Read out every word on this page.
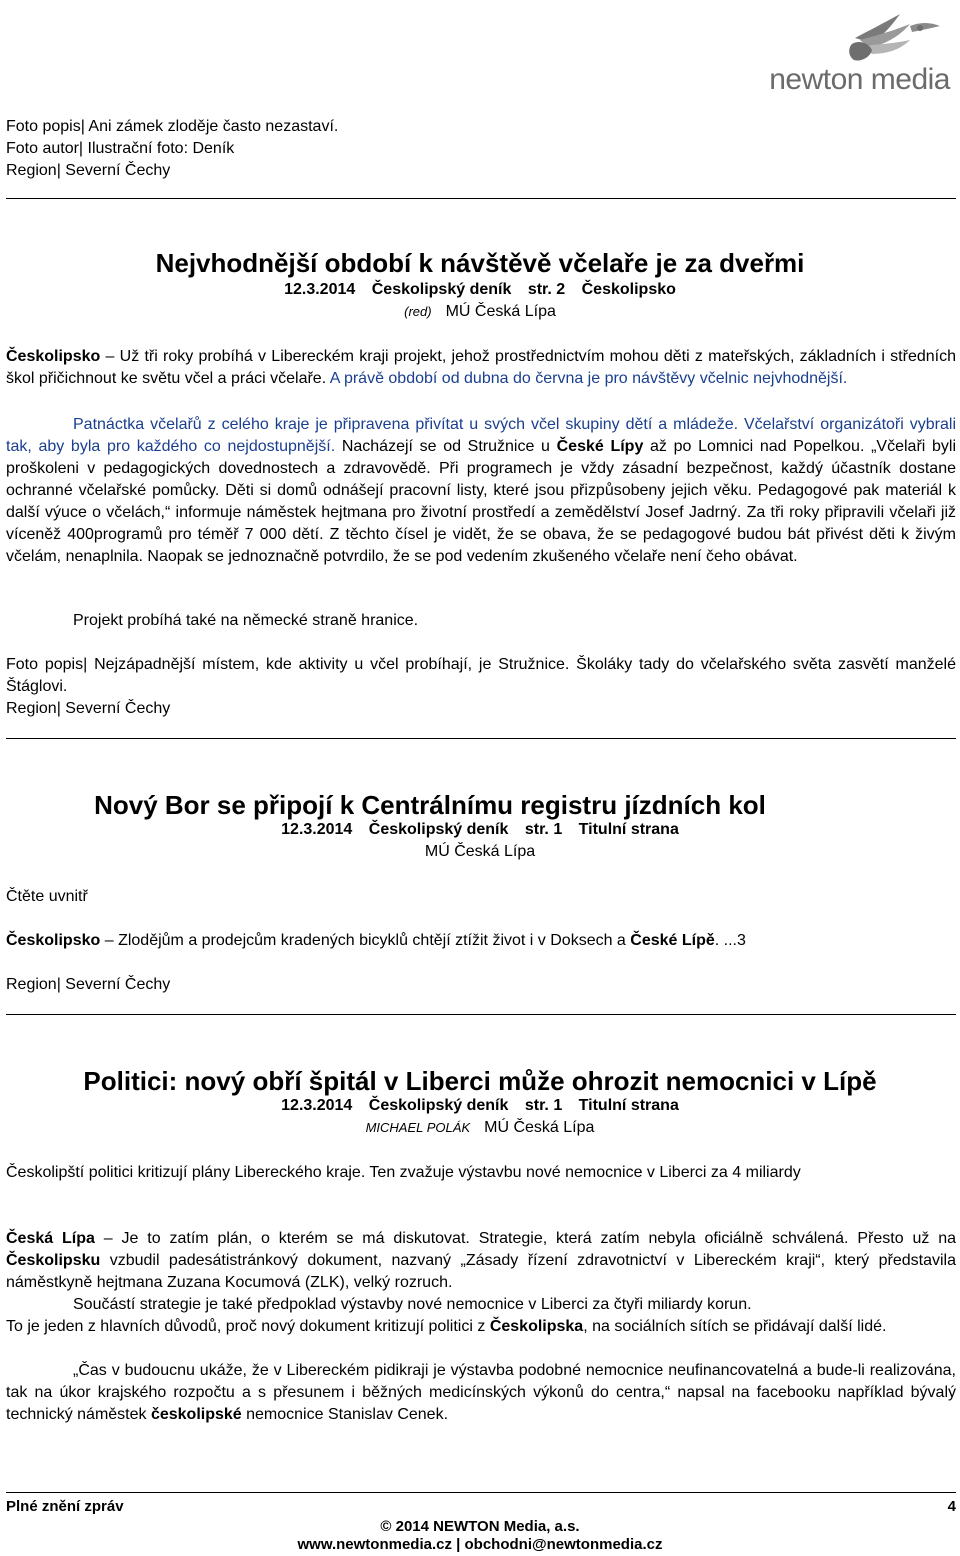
newton media
Foto popis| Ani zámek zloděje často nezastaví.
Foto autor| Ilustrační foto: Deník
Region| Severní Čechy
Nejvhodnější období k návštěvě včelaře je za dveřmi
12.3.2014 Českolipský deník str. 2 Českolipsko
(red) MÚ Česká Lípa
Českolipsko – Už tři roky probíhá v Libereckém kraji projekt, jehož prostřednictvím mohou děti z mateřských, základních i středních škol přičichnout ke světu včel a práci včelaře. A právě období od dubna do června je pro návštěvy včelnic nejvhodnější.
Patnáctka včelařů z celého kraje je připravena přivítat u svých včel skupiny dětí a mládeže. Včelařství organizátoři vybrali tak, aby byla pro každého co nejdostupnější. Nacházejí se od Stružnice u České Lípy až po Lomnici nad Popelkou. „Včelaři byli proškoleni v pedagogických dovednostech a zdravovědě. Při programech je vždy zásadní bezpečnost, každý účastník dostane ochranné včelařské pomůcky. Děti si domů odnášejí pracovní listy, které jsou přizpůsobeny jejich věku. Pedagogové pak materiál k další výuce o včelách,“ informuje náměstek hejtmana pro životní prostředí a zemědělství Josef Jadrný. Za tři roky připravili včelaři již víceněž 400programů pro téměř 7 000 dětí. Z těchto čísel je vidět, že se obava, že se pedagogové budou bát přivést děti k živým včelám, nenaplnila. Naopak se jednoznačně potvrdilo, že se pod vedením zkušeného včelaře není čeho obávat.
Projekt probíhá také na německé straně hranice.
Foto popis| Nejzápadnější místem, kde aktivity u včel probíhají, je Stružnice. Školáky tady do včelařského světa zasvětí manželé Štáglovi.
Region| Severní Čechy
Nový Bor se připojí k Centrálnímu registru jízdních kol
12.3.2014 Českolipský deník str. 1 Titulní strana
MÚ Česká Lípa
Čtěte uvnitř
Českolipsko – Zlodějům a prodejcům kradených bicyklů chtějí ztížit život i v Doksech a České Lípě. ...3
Region| Severní Čechy
Politici: nový obří špitál v Liberci může ohrozit nemocnici v Lípě
12.3.2014 Českolipský deník str. 1 Titulní strana
MICHAEL POLÁK MÚ Česká Lípa
Českolipští politici kritizují plány Libereckého kraje. Ten zvažuje výstavbu nové nemocnice v Liberci za 4 miliardy
Česká Lípa – Je to zatím plán, o kterém se má diskutovat. Strategie, která zatím nebyla oficiálně schválená. Přesto už na Českolipsku vzbudil padesátistránkový dokument, nazvaný „Zásady řízení zdravotnictví v Libereckém kraji“, který představila náměstkyně hejtmana Zuzana Kocumová (ZLK), velký rozruch.
Součástí strategie je také předpoklad výstavby nové nemocnice v Liberci za čtyři miliardy korun.
To je jeden z hlavních důvodů, proč nový dokument kritizují politici z Českolipska, na sociálních sítích se přidávají další lidé.
„Čas v budoucnu ukáže, že v Libereckém pidikraji je výstavba podobné nemocnice neufinancovatelná a bude-li realizována, tak na úkor krajského rozpočtu a s přesunem i běžných medicínských výkonů do centra,“ napsal na facebooku například bývalý technický náměstek českolipské nemocnice Stanislav Cenek.
Plné znění zpráv	4
© 2014 NEWTON Media, a.s.
www.newtonmedia.cz | obchodni@newtonmedia.cz
